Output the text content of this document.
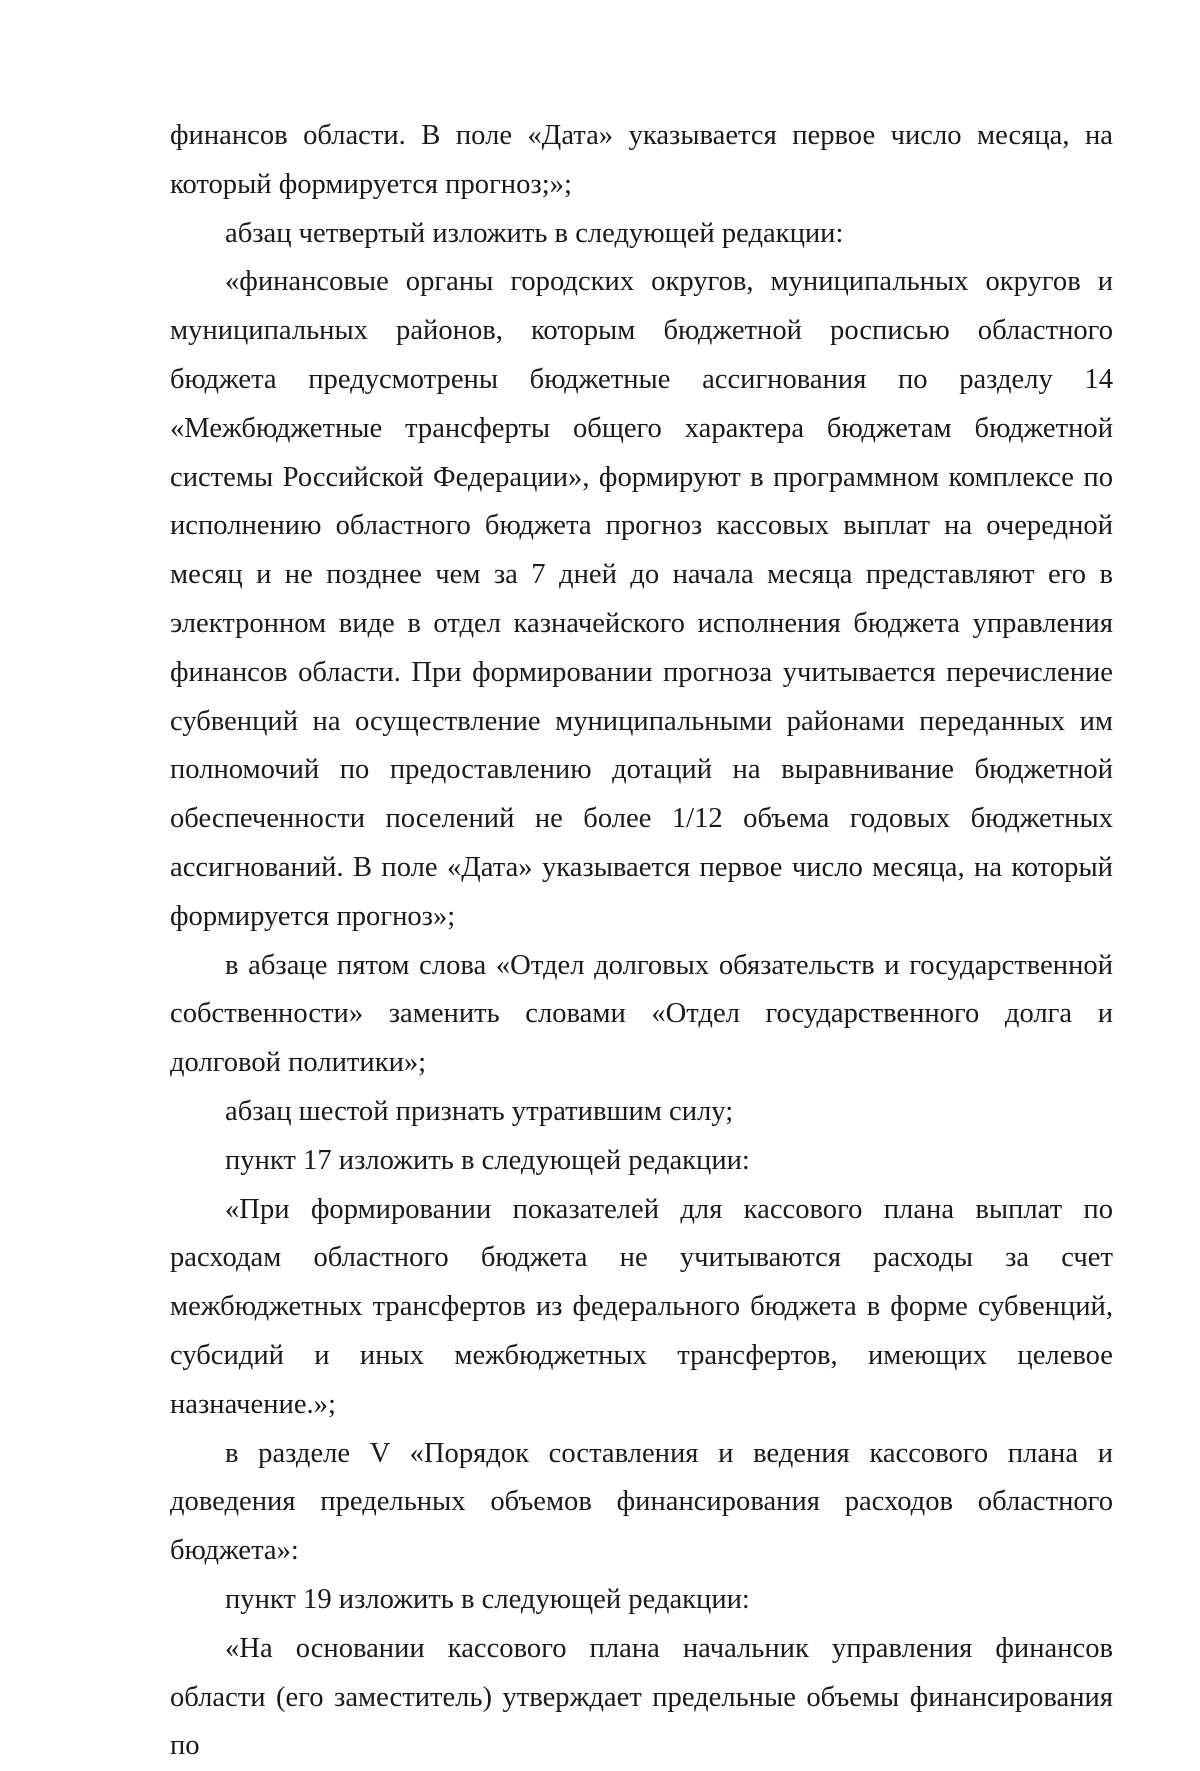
финансов области. В поле «Дата» указывается первое число месяца, на который формируется прогноз;»;

абзац четвертый изложить в следующей редакции:

«финансовые органы городских округов, муниципальных округов и муниципальных районов, которым бюджетной росписью областного бюджета предусмотрены бюджетные ассигнования по разделу 14 «Межбюджетные трансферты общего характера бюджетам бюджетной системы Российской Федерации», формируют в программном комплексе по исполнению областного бюджета прогноз кассовых выплат на очередной месяц и не позднее чем за 7 дней до начала месяца представляют его в электронном виде в отдел казначейского исполнения бюджета управления финансов области. При формировании прогноза учитывается перечисление субвенций на осуществление муниципальными районами переданных им полномочий по предоставлению дотаций на выравнивание бюджетной обеспеченности поселений не более 1/12 объема годовых бюджетных ассигнований. В поле «Дата» указывается первое число месяца, на который формируется прогноз»;

в абзаце пятом слова «Отдел долговых обязательств и государственной собственности» заменить словами «Отдел государственного долга и долговой политики»;

абзац шестой признать утратившим силу;

пункт 17 изложить в следующей редакции:

«При формировании показателей для кассового плана выплат по расходам областного бюджета не учитываются расходы за счет межбюджетных трансфертов из федерального бюджета в форме субвенций, субсидий и иных межбюджетных трансфертов, имеющих целевое назначение.»;

в разделе V «Порядок составления и ведения кассового плана и доведения предельных объемов финансирования расходов областного бюджета»:

пункт 19 изложить в следующей редакции:

«На основании кассового плана начальник управления финансов области (его заместитель) утверждает предельные объемы финансирования по
